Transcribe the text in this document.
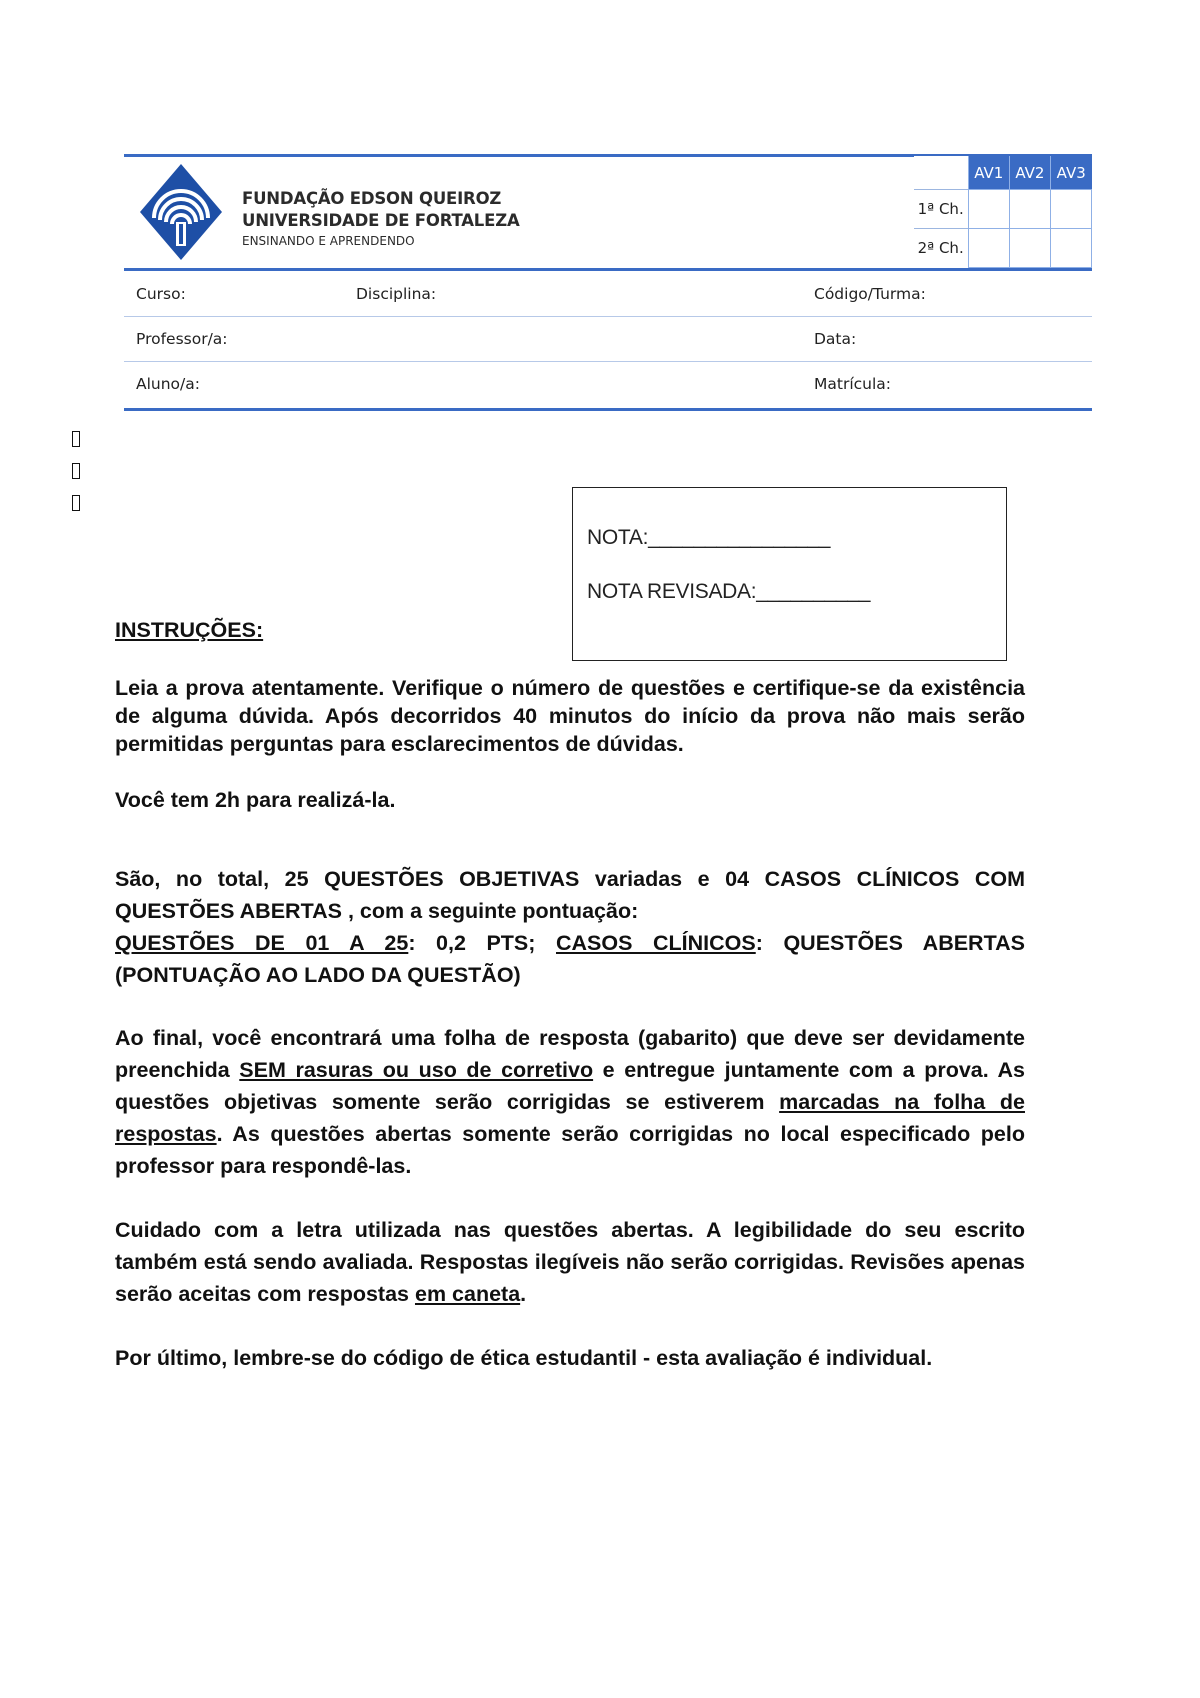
FUNDAÇÃO EDSON QUEIROZ
UNIVERSIDADE DE FORTALEZA
ENSINANDO E APRENDENDO
	AV1	AV2	AV3
1ª Ch.			
2ª Ch.			
Curso:	Disciplina:	Código/Turma:
Professor/a:	Data:
Aluno/a:	Matrícula:
NOTA:________________
NOTA REVISADA:__________
INSTRUÇÕES:
Leia a prova atentamente. Verifique o número de questões e certifique-se da existência de alguma dúvida. Após decorridos 40 minutos do início da prova não mais serão permitidas perguntas para esclarecimentos de dúvidas.
Você tem 2h para realizá-la.
São, no total, 25 QUESTÕES OBJETIVAS variadas e 04 CASOS CLÍNICOS COM QUESTÕES ABERTAS , com a seguinte pontuação:
QUESTÕES DE 01 A 25: 0,2 PTS; CASOS CLÍNICOS: QUESTÕES ABERTAS (PONTUAÇÃO AO LADO DA QUESTÃO)
Ao final, você encontrará uma folha de resposta (gabarito) que deve ser devidamente preenchida SEM rasuras ou uso de corretivo e entregue juntamente com a prova. As questões objetivas somente serão corrigidas se estiverem marcadas na folha de respostas. As questões abertas somente serão corrigidas no local especificado pelo professor para respondê-las.
Cuidado com a letra utilizada nas questões abertas. A legibilidade do seu escrito também está sendo avaliada. Respostas ilegíveis não serão corrigidas. Revisões apenas serão aceitas com respostas em caneta.
Por último, lembre-se do código de ética estudantil - esta avaliação é individual.
